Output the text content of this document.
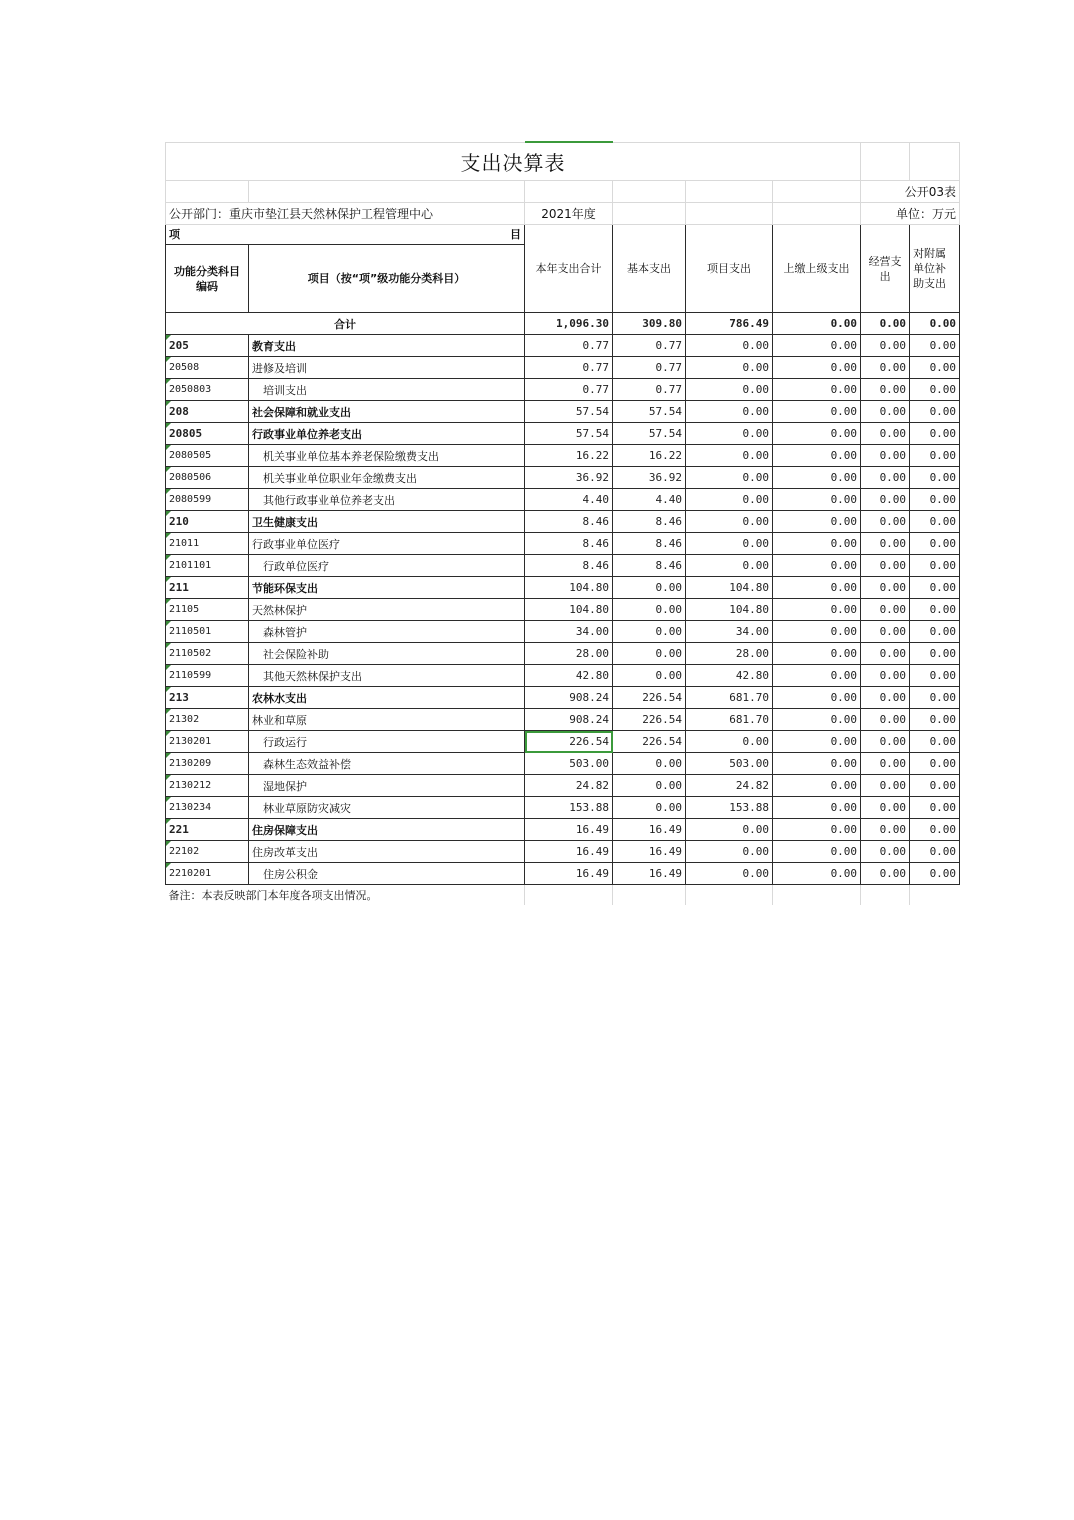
支出决算表							
						公开03表	
公开部门：重庆市垫江县天然林保护工程管理中心		2021年度				单位：万元	
项 目		本年支出合计	基本支出	项目支出	上缴上级支出	经营支出	对附属单位补助支出
功能分类科目编码	项目（按“项”级功能分类科目）						
合计		1,096.30	309.80	786.49	0.00	0.00	0.00
205	教育支出	0.77	0.77	0.00	0.00	0.00	0.00
20508	进修及培训	0.77	0.77	0.00	0.00	0.00	0.00
2050803	培训支出	0.77	0.77	0.00	0.00	0.00	0.00
208	社会保障和就业支出	57.54	57.54	0.00	0.00	0.00	0.00
20805	行政事业单位养老支出	57.54	57.54	0.00	0.00	0.00	0.00
2080505	机关事业单位基本养老保险缴费支出	16.22	16.22	0.00	0.00	0.00	0.00
2080506	机关事业单位职业年金缴费支出	36.92	36.92	0.00	0.00	0.00	0.00
2080599	其他行政事业单位养老支出	4.40	4.40	0.00	0.00	0.00	0.00
210	卫生健康支出	8.46	8.46	0.00	0.00	0.00	0.00
21011	行政事业单位医疗	8.46	8.46	0.00	0.00	0.00	0.00
2101101	行政单位医疗	8.46	8.46	0.00	0.00	0.00	0.00
211	节能环保支出	104.80	0.00	104.80	0.00	0.00	0.00
21105	天然林保护	104.80	0.00	104.80	0.00	0.00	0.00
2110501	森林管护	34.00	0.00	34.00	0.00	0.00	0.00
2110502	社会保险补助	28.00	0.00	28.00	0.00	0.00	0.00
2110599	其他天然林保护支出	42.80	0.00	42.80	0.00	0.00	0.00
213	农林水支出	908.24	226.54	681.70	0.00	0.00	0.00
21302	林业和草原	908.24	226.54	681.70	0.00	0.00	0.00
2130201	行政运行	226.54	226.54	0.00	0.00	0.00	0.00
2130209	森林生态效益补偿	503.00	0.00	503.00	0.00	0.00	0.00
2130212	湿地保护	24.82	0.00	24.82	0.00	0.00	0.00
2130234	林业草原防灾减灾	153.88	0.00	153.88	0.00	0.00	0.00
221	住房保障支出	16.49	16.49	0.00	0.00	0.00	0.00
22102	住房改革支出	16.49	16.49	0.00	0.00	0.00	0.00
2210201	住房公积金	16.49	16.49	0.00	0.00	0.00	0.00
备注：本表反映部门本年度各项支出情况。							
